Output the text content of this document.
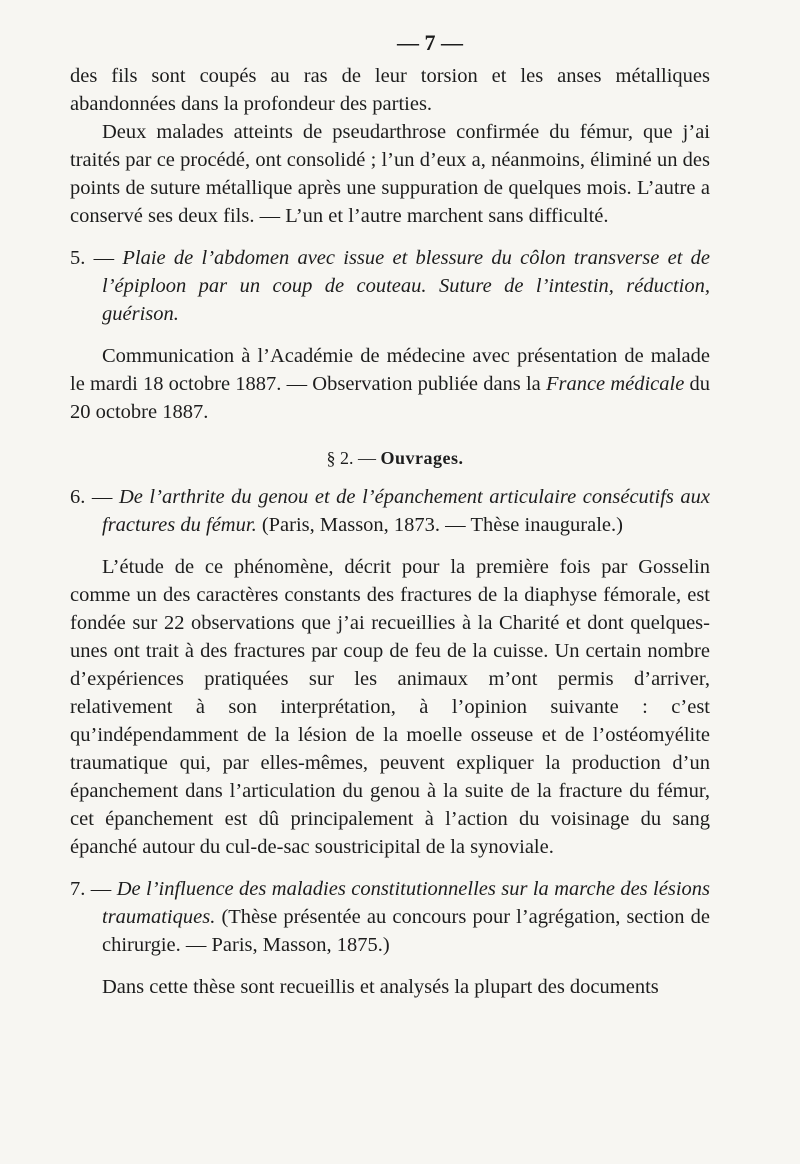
— 7 —

des fils sont coupés au ras de leur torsion et les anses métalliques abandonnées dans la profondeur des parties.

Deux malades atteints de pseudarthrose confirmée du fémur, que j’ai traités par ce procédé, ont consolidé ; l’un d’eux a, néanmoins, éliminé un des points de suture métallique après une suppuration de quelques mois. L’autre a conservé ses deux fils. — L’un et l’autre marchent sans difficulté.

5. — Plaie de l’abdomen avec issue et blessure du côlon transverse et de l’épiploon par un coup de couteau. Suture de l’intestin, réduction, guérison.

Communication à l’Académie de médecine avec présentation de malade le mardi 18 octobre 1887. — Observation publiée dans la France médicale du 20 octobre 1887.

§ 2. — Ouvrages.

6. — De l’arthrite du genou et de l’épanchement articulaire consécutifs aux fractures du fémur. (Paris, Masson, 1873. — Thèse inaugurale.)

L’étude de ce phénomène, décrit pour la première fois par Gosselin comme un des caractères constants des fractures de la diaphyse fémorale, est fondée sur 22 observations que j’ai recueillies à la Charité et dont quelques-unes ont trait à des fractures par coup de feu de la cuisse. Un certain nombre d’expériences pratiquées sur les animaux m’ont permis d’arriver, relativement à son interprétation, à l’opinion suivante : c’est qu’indépendamment de la lésion de la moelle osseuse et de l’ostéomyélite traumatique qui, par elles-mêmes, peuvent expliquer la production d’un épanchement dans l’articulation du genou à la suite de la fracture du fémur, cet épanchement est dû principalement à l’action du voisinage du sang épanché autour du cul-de-sac soustricipital de la synoviale.

7. — De l’influence des maladies constitutionnelles sur la marche des lésions traumatiques. (Thèse présentée au concours pour l’agrégation, section de chirurgie. — Paris, Masson, 1875.)

Dans cette thèse sont recueillis et analysés la plupart des documents
